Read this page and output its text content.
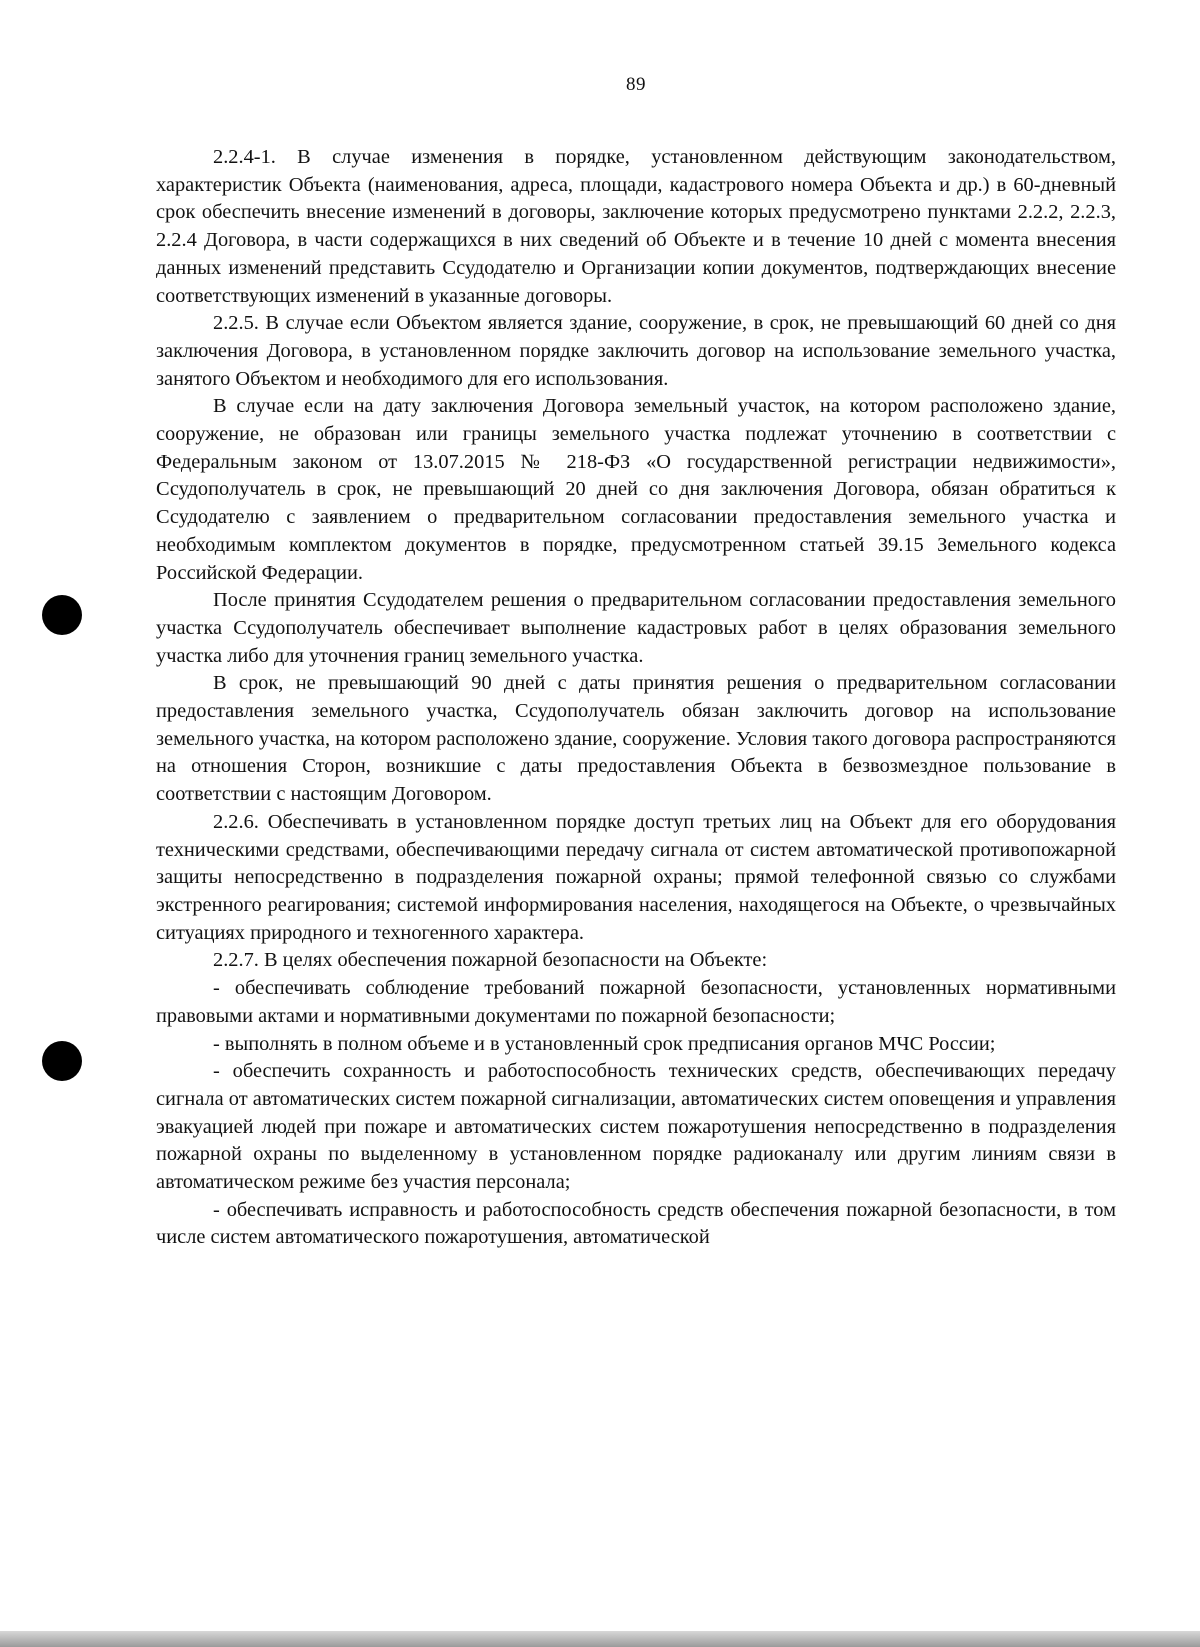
89

2.2.4-1. В случае изменения в порядке, установленном действующим законодательством, характеристик Объекта (наименования, адреса, площади, кадастрового номера Объекта и др.) в 60-дневный срок обеспечить внесение изменений в договоры, заключение которых предусмотрено пунктами 2.2.2, 2.2.3, 2.2.4 Договора, в части содержащихся в них сведений об Объекте и в течение 10 дней с момента внесения данных изменений представить Ссудодателю и Организации копии документов, подтверждающих внесение соответствующих изменений в указанные договоры.

2.2.5. В случае если Объектом является здание, сооружение, в срок, не превышающий 60 дней со дня заключения Договора, в установленном порядке заключить договор на использование земельного участка, занятого Объектом и необходимого для его использования.

В случае если на дату заключения Договора земельный участок, на котором расположено здание, сооружение, не образован или границы земельного участка подлежат уточнению в соответствии с Федеральным законом от 13.07.2015 № 218-ФЗ «О государственной регистрации недвижимости», Ссудополучатель в срок, не превышающий 20 дней со дня заключения Договора, обязан обратиться к Ссудодателю с заявлением о предварительном согласовании предоставления земельного участка и необходимым комплектом документов в порядке, предусмотренном статьей 39.15 Земельного кодекса Российской Федерации.

После принятия Ссудодателем решения о предварительном согласовании предоставления земельного участка Ссудополучатель обеспечивает выполнение кадастровых работ в целях образования земельного участка либо для уточнения границ земельного участка.

В срок, не превышающий 90 дней с даты принятия решения о предварительном согласовании предоставления земельного участка, Ссудополучатель обязан заключить договор на использование земельного участка, на котором расположено здание, сооружение. Условия такого договора распространяются на отношения Сторон, возникшие с даты предоставления Объекта в безвозмездное пользование в соответствии с настоящим Договором.

2.2.6. Обеспечивать в установленном порядке доступ третьих лиц на Объект для его оборудования техническими средствами, обеспечивающими передачу сигнала от систем автоматической противопожарной защиты непосредственно в подразделения пожарной охраны; прямой телефонной связью со службами экстренного реагирования; системой информирования населения, находящегося на Объекте, о чрезвычайных ситуациях природного и техногенного характера.

2.2.7. В целях обеспечения пожарной безопасности на Объекте:

- обеспечивать соблюдение требований пожарной безопасности, установленных нормативными правовыми актами и нормативными документами по пожарной безопасности;

- выполнять в полном объеме и в установленный срок предписания органов МЧС России;

- обеспечить сохранность и работоспособность технических средств, обеспечивающих передачу сигнала от автоматических систем пожарной сигнализации, автоматических систем оповещения и управления эвакуацией людей при пожаре и автоматических систем пожаротушения непосредственно в подразделения пожарной охраны по выделенному в установленном порядке радиоканалу или другим линиям связи в автоматическом режиме без участия персонала;

- обеспечивать исправность и работоспособность средств обеспечения пожарной безопасности, в том числе систем автоматического пожаротушения, автоматической
